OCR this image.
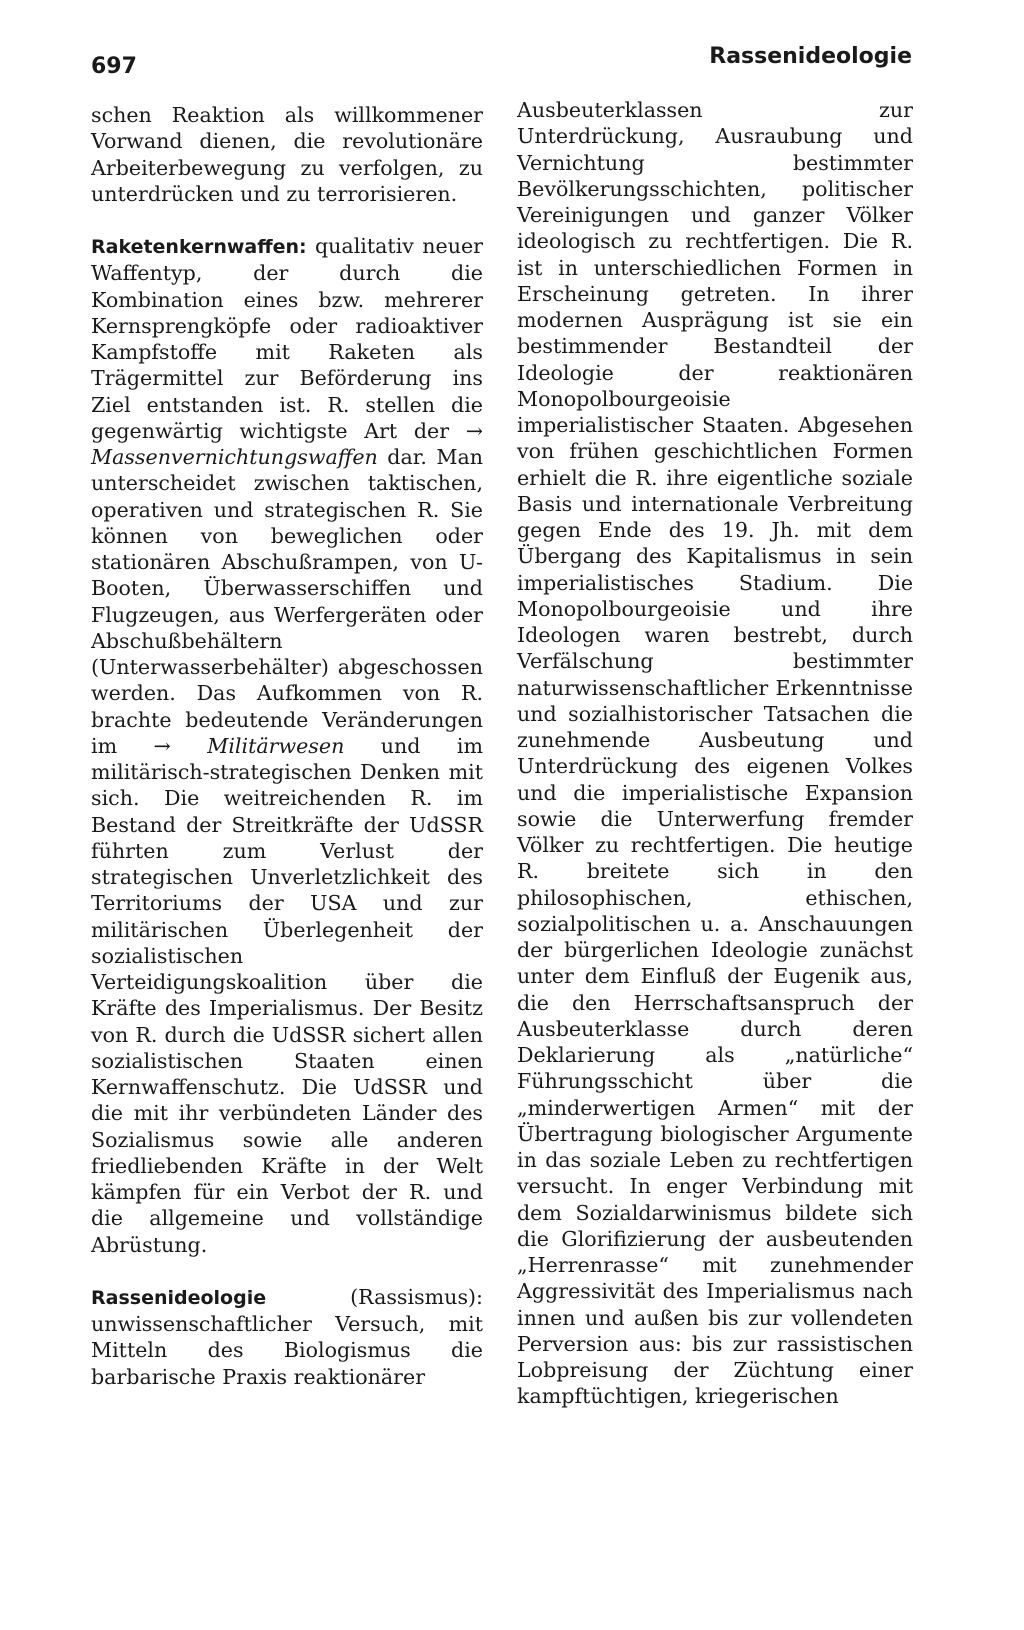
697	Rassenideologie

schen Reaktion als willkommener Vorwand dienen, die revolutionäre Arbeiterbewegung zu verfolgen, zu unterdrücken und zu terrorisieren.

Raketenkernwaffen: qualitativ neuer Waffentyp, der durch die Kombination eines bzw. mehrerer Kernsprengköpfe oder radioaktiver Kampfstoffe mit Raketen als Trägermittel zur Beförderung ins Ziel entstanden ist. R. stellen die gegenwärtig wichtigste Art der → Massenvernichtungswaffen dar. Man unterscheidet zwischen taktischen, operativen und strategischen R. Sie können von beweglichen oder stationären Abschußrampen, von U-Booten, Überwasserschiffen und Flugzeugen, aus Werfergeräten oder Abschußbehältern (Unterwasserbehälter) abgeschossen werden. Das Aufkommen von R. brachte bedeutende Veränderungen im → Militärwesen und im militärisch-strategischen Denken mit sich. Die weitreichenden R. im Bestand der Streitkräfte der UdSSR führten zum Verlust der strategischen Unverletzlichkeit des Territoriums der USA und zur militärischen Überlegenheit der sozialistischen Verteidigungskoalition über die Kräfte des Imperialismus. Der Besitz von R. durch die UdSSR sichert allen sozialistischen Staaten einen Kernwaffenschutz. Die UdSSR und die mit ihr verbündeten Länder des Sozialismus sowie alle anderen friedliebenden Kräfte in der Welt kämpfen für ein Verbot der R. und die allgemeine und vollständige Abrüstung.

Rassenideologie (Rassismus): unwissenschaftlicher Versuch, mit Mitteln des Biologismus die barbarische Praxis reaktionärer

Ausbeuterklassen zur Unterdrückung, Ausraubung und Vernichtung bestimmter Bevölkerungsschichten, politischer Vereinigungen und ganzer Völker ideologisch zu rechtfertigen. Die R. ist in unterschiedlichen Formen in Erscheinung getreten. In ihrer modernen Ausprägung ist sie ein bestimmender Bestandteil der Ideologie der reaktionären Monopolbourgeoisie imperialistischer Staaten. Abgesehen von frühen geschichtlichen Formen erhielt die R. ihre eigentliche soziale Basis und internationale Verbreitung gegen Ende des 19. Jh. mit dem Übergang des Kapitalismus in sein imperialistisches Stadium. Die Monopolbourgeoisie und ihre Ideologen waren bestrebt, durch Verfälschung bestimmter naturwissenschaftlicher Erkenntnisse und sozialhistorischer Tatsachen die zunehmende Ausbeutung und Unterdrückung des eigenen Volkes und die imperialistische Expansion sowie die Unterwerfung fremder Völker zu rechtfertigen. Die heutige R. breitete sich in den philosophischen, ethischen, sozialpolitischen u. a. Anschauungen der bürgerlichen Ideologie zunächst unter dem Einfluß der Eugenik aus, die den Herrschaftsanspruch der Ausbeuterklasse durch deren Deklarierung als „natürliche“ Führungsschicht über die „minderwertigen Armen“ mit der Übertragung biologischer Argumente in das soziale Leben zu rechtfertigen versucht. In enger Verbindung mit dem Sozialdarwinismus bildete sich die Glorifizierung der ausbeutenden „Herrenrasse“ mit zunehmender Aggressivität des Imperialismus nach innen und außen bis zur vollendeten Perversion aus: bis zur rassistischen Lobpreisung der Züchtung einer kampftüchtigen, kriegerischen
